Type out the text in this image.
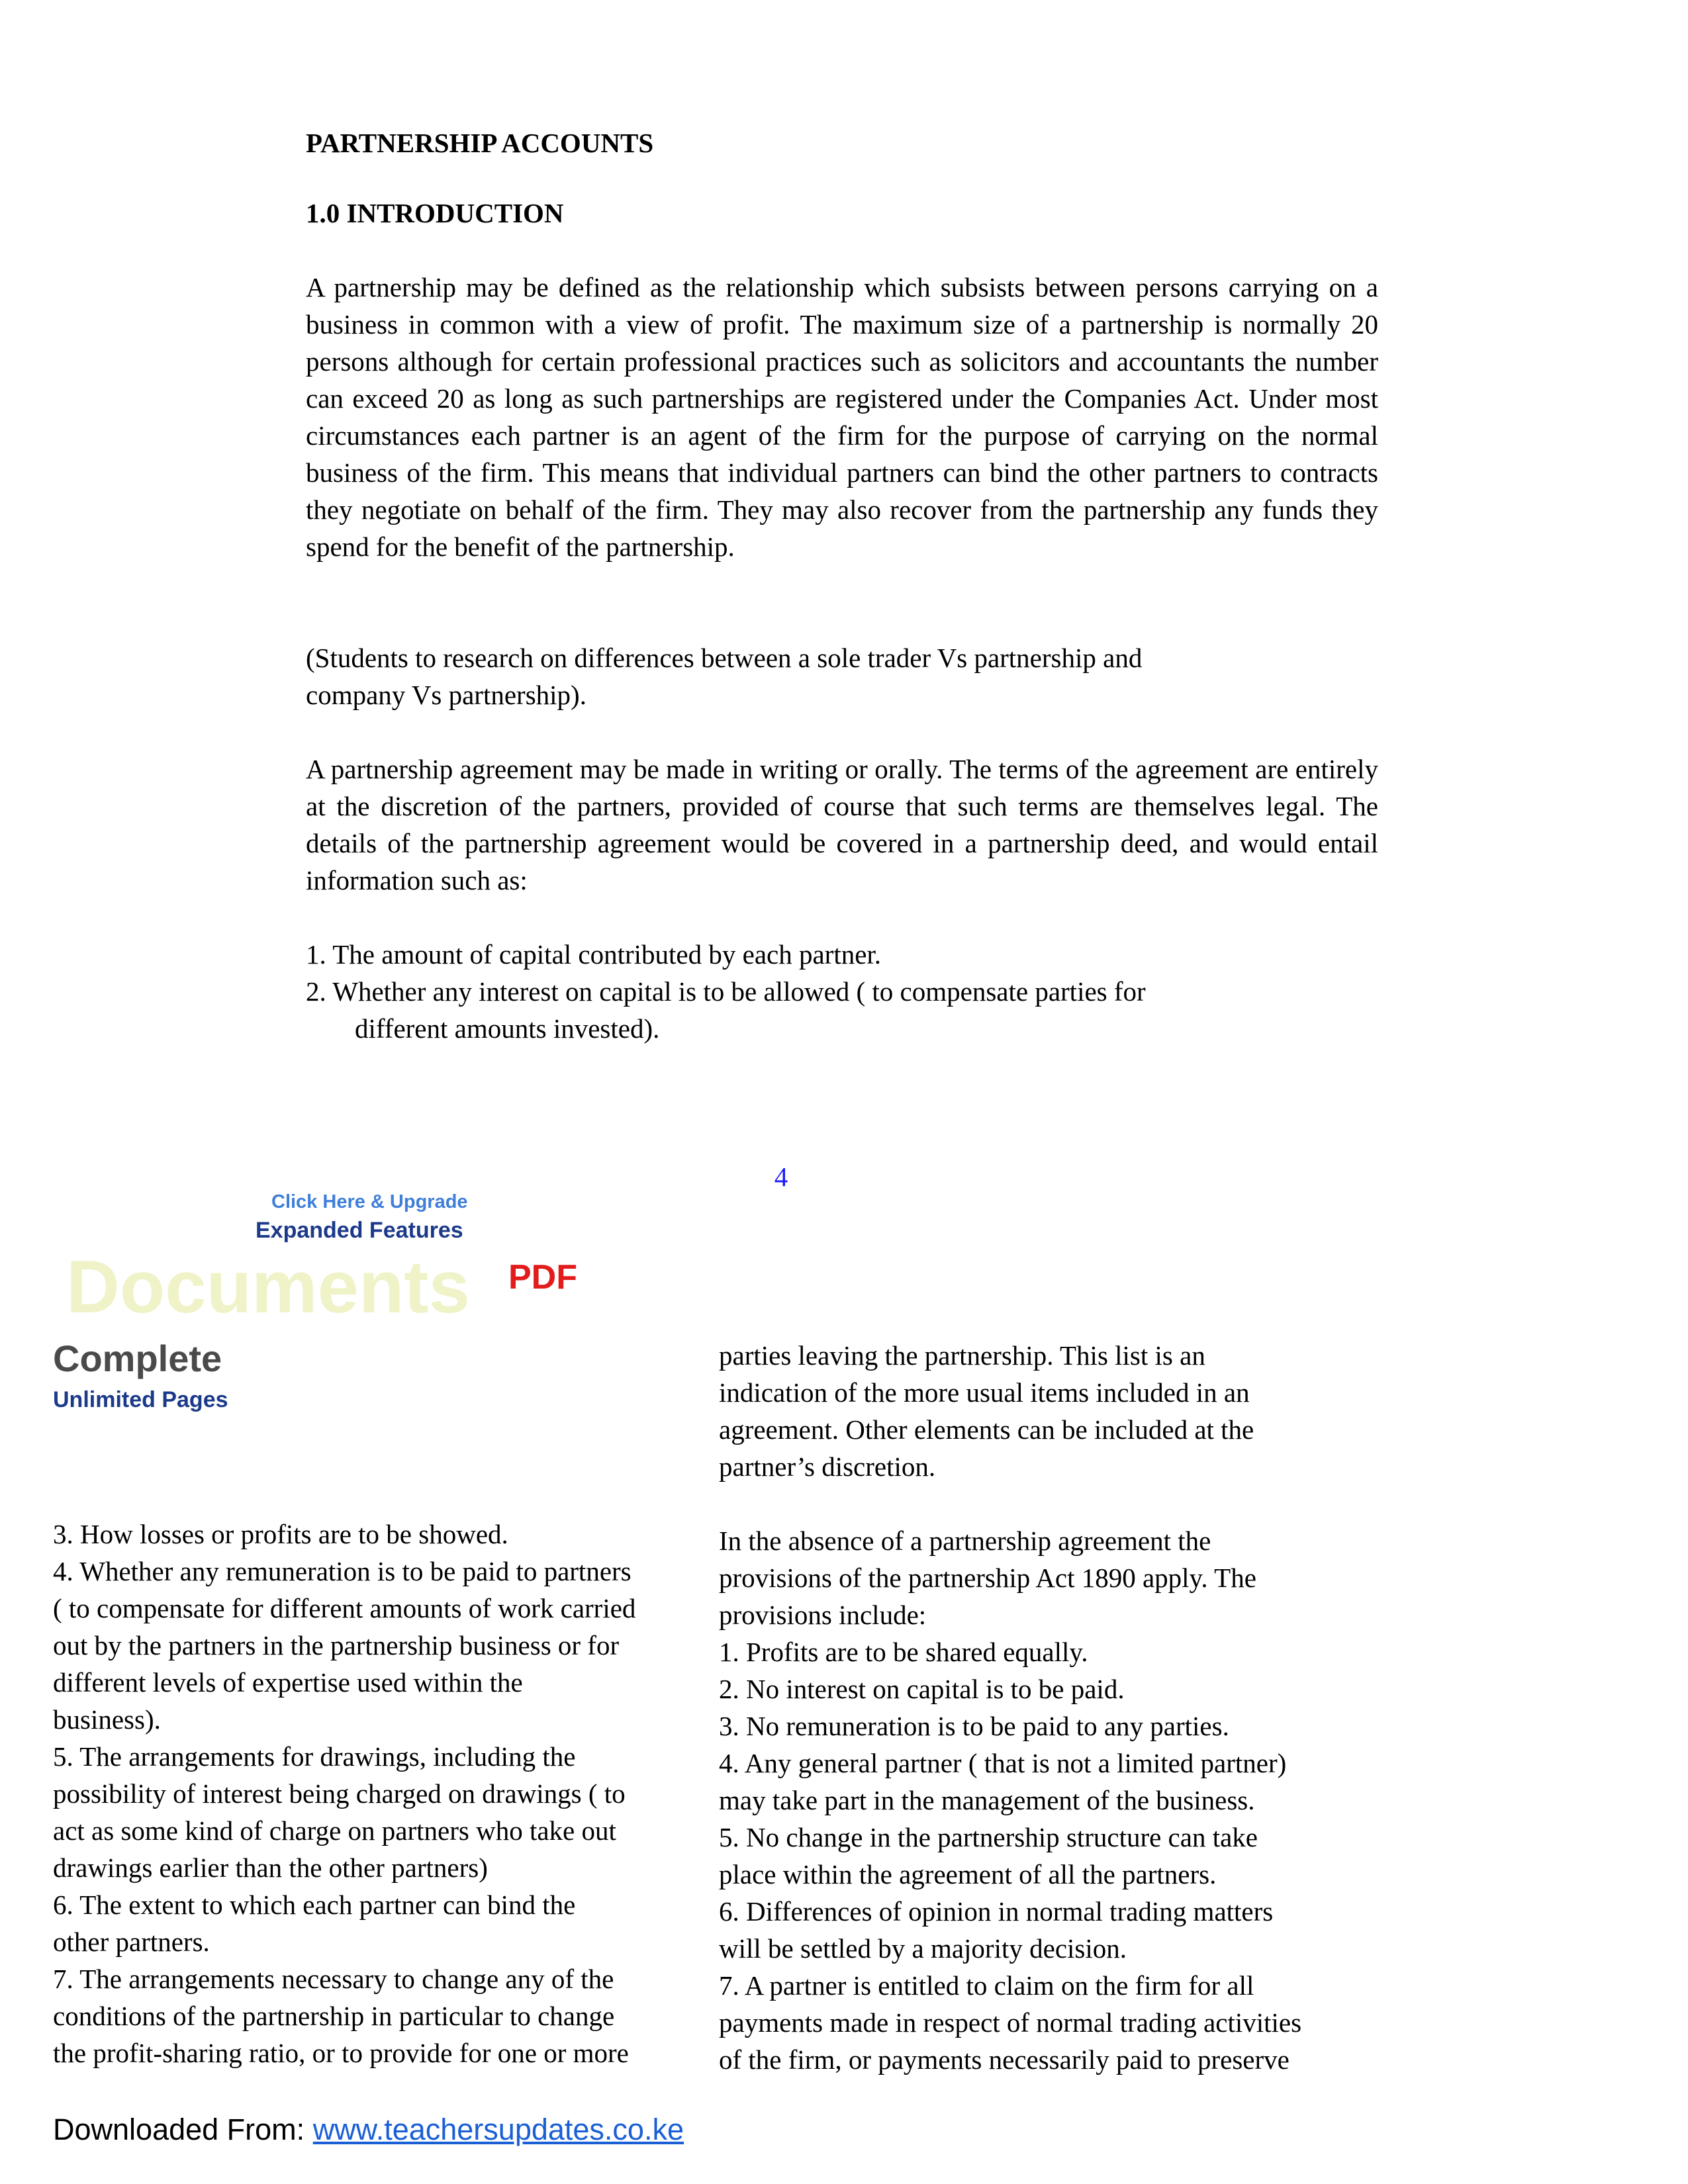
PARTNERSHIP ACCOUNTS
1.0 INTRODUCTION

A partnership may be defined as the relationship which subsists between persons carrying on a business in common with a view of profit. The maximum size of a partnership is normally 20 persons although for certain professional practices such as solicitors and accountants the number can exceed 20 as long as such partnerships are registered under the Companies Act. Under most circumstances each partner is an agent of the firm for the purpose of carrying on the normal business of the firm. This means that individual partners can bind the other partners to contracts they negotiate on behalf of the firm. They may also recover from the partnership any funds they spend for the benefit of the partnership.

(Students to research on differences between a sole trader Vs partnership and
company Vs partnership).

A partnership agreement may be made in writing or orally. The terms of the agreement are entirely at the discretion of the partners, provided of course that such terms are themselves legal. The details of the partnership agreement would be covered in a partnership deed, and would entail information such as:

1. The amount of capital contributed by each partner.
2. Whether any interest on capital is to be allowed ( to compensate parties for
different amounts invested).
4
Click Here & Upgrade
Expanded Features
Documents PDF
Complete
Unlimited Pages

3. How losses or profits are to be showed.

4. Whether any remuneration is to be paid to partners

( to compensate for different amounts of work carried

out by the partners in the partnership business or for

different levels of expertise used within the

business).

5. The arrangements for drawings, including the

possibility of interest being charged on drawings ( to

act as some kind of charge on partners who take out

drawings earlier than the other partners)

6. The extent to which each partner can bind the

other partners.

7. The arrangements necessary to change any of the

conditions of the partnership in particular to change

the profit-sharing ratio, or to provide for one or more

parties leaving the partnership. This list is an

indication of the more usual items included in an

agreement. Other elements can be included at the

partner’s discretion.

In the absence of a partnership agreement the

provisions of the partnership Act 1890 apply. The

provisions include:

1. Profits are to be shared equally.

2. No interest on capital is to be paid.

3. No remuneration is to be paid to any parties.

4. Any general partner ( that is not a limited partner)

may take part in the management of the business.

5. No change in the partnership structure can take

place within the agreement of all the partners.

6. Differences of opinion in normal trading matters

will be settled by a majority decision.

7. A partner is entitled to claim on the firm for all

payments made in respect of normal trading activities

of the firm, or payments necessarily paid to preserve

Downloaded From: www.teachersupdates.co.ke
